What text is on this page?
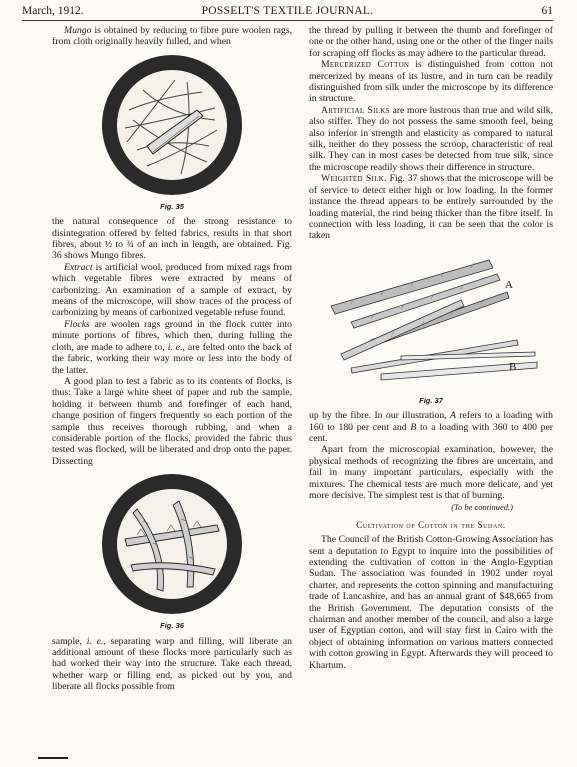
March, 1912.	POSSELT'S TEXTILE JOURNAL.	61

Mungo is obtained by reducing to fibre pure woolen rags, from cloth originally heavily fulled, and when

Fig. 35

the natural consequence of the strong resistance to disintegration offered by felted fabrics, results in that short fibres, about ½ to ¾ of an inch in length, are obtained. Fig. 36 shows Mungo fibres.

Extract is artificial wool, produced from mixed rags from which vegetable fibres were extracted by means of carbonizing. An examination of a sample of extract, by means of the microscope, will show traces of the process of carbonizing by means of carbonized vegetable refuse found.

Flocks are woolen rags ground in the flock cutter into minute portions of fibres, which then, during fulling the cloth, are made to adhere to, i. e., are felted onto the back of the fabric, working their way more or less into the body of the latter.

A good plan to test a fabric as to its contents of flocks, is thus: Take a large white sheet of paper and rub the sample, holding it between thumb and forefinger of each hand, change position of fingers frequently so each portion of the sample thus receives thorough rubbing, and when a considerable portion of the flocks, provided the fabric thus tested was flocked, will be liberated and drop onto the paper. Dissecting

Fig. 36

sample, i. e., separating warp and filling, will liberate an additional amount of these flocks more particularly such as had worked their way into the structure. Take each thread, whether warp or filling end, as picked out by you, and liberate all flocks possible from

the thread by pulling it between the thumb and forefinger of one or the other hand, using one or the other of the finger nails for scraping off flocks as may adhere to the particular thread.

Mercerized Cotton is distinguished from cotton not mercerized by means of its lustre, and in turn can be readily distinguished from silk under the microscope by its difference in structure.

Artificial Silks are more lustrous than true and wild silk, also stiffer. They do not possess the same smooth feel, being also inferior in strength and elasticity as compared to natural silk, neither do they possess the scroop, characteristic of real silk. They can in most cases be detected from true silk, since the microscope readily shows their difference in structure.

Weighted Silk. Fig. 37 shows that the microscope will be of service to detect either high or low loading. In the former instance the thread appears to be entirely surrounded by the loading material, the rind being thicker than the fibre itself. In connection with less loading, it can be seen that the color is taken

A
B
Fig. 37

up by the fibre. In our illustration, A refers to a loading with 160 to 180 per cent and B to a loading with 360 to 400 per cent.

Apart from the microscopial examination, however, the physical methods of recognizing the fibres are uncertain, and fail in many important particulars, especially with the mixtures. The chemical tests are much more delicate, and yet more decisive. The simplest test is that of burning.

(To be continued.)
Cultivation of Cotton in the Sudan.

The Council of the British Cotton-Growing Association has sent a deputation to Egypt to inquire into the possibilities of extending the cultivation of cotton in the Anglo-Egyptian Sudan. The association was founded in 1902 under royal charter, and represents the cotton spinning and manufacturing trade of Lancashire, and has an annual grant of $48,665 from the British Government. The deputation consists of the chairman and another member of the council, and also a large user of Egyptian cotton, and will stay first in Cairo with the object of obtaining information on various matters connected with cotton growing in Egypt. Afterwards they will proceed to Khartum.
